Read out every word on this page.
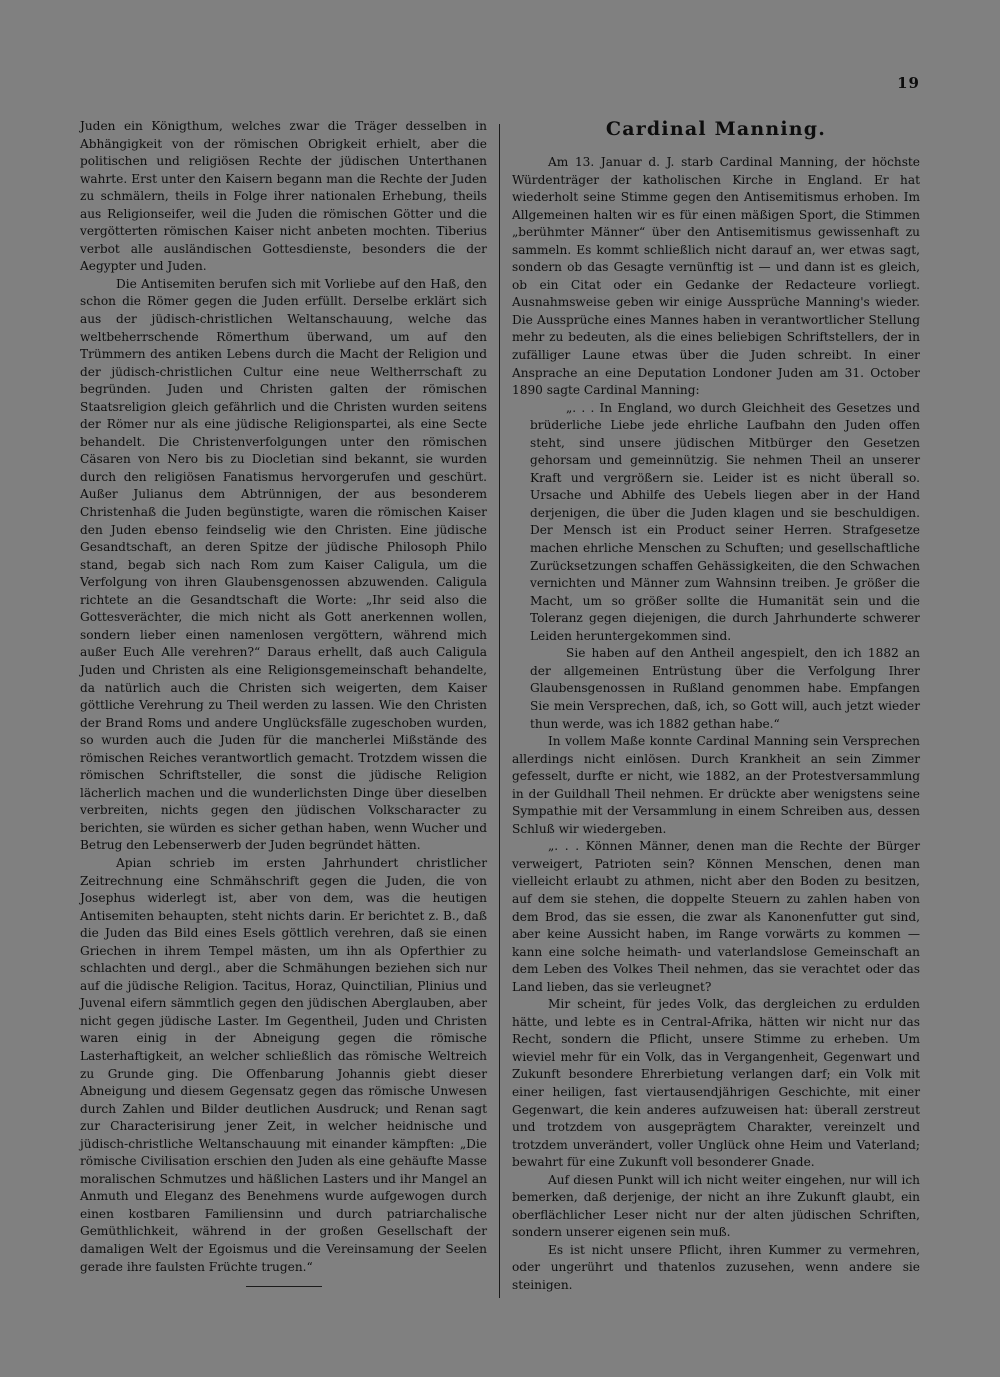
19

Juden ein Königthum, welches zwar die Träger desselben in Abhängigkeit von der römischen Obrigkeit erhielt, aber die politischen und religiösen Rechte der jüdischen Unterthanen wahrte. Erst unter den Kaisern begann man die Rechte der Juden zu schmälern, theils in Folge ihrer nationalen Erhebung, theils aus Religionseifer, weil die Juden die römischen Götter und die vergötterten römischen Kaiser nicht anbeten mochten. Tiberius verbot alle ausländischen Gottesdienste, besonders die der Aegypter und Juden.

Die Antisemiten berufen sich mit Vorliebe auf den Haß, den schon die Römer gegen die Juden erfüllt. Derselbe erklärt sich aus der jüdisch-christlichen Weltanschauung, welche das weltbeherrschende Römerthum überwand, um auf den Trümmern des antiken Lebens durch die Macht der Religion und der jüdisch-christlichen Cultur eine neue Weltherrschaft zu begründen. Juden und Christen galten der römischen Staatsreligion gleich gefährlich und die Christen wurden seitens der Römer nur als eine jüdische Religionspartei, als eine Secte behandelt. Die Christenverfolgungen unter den römischen Cäsaren von Nero bis zu Diocletian sind bekannt, sie wurden durch den religiösen Fanatismus hervorgerufen und geschürt. Außer Julianus dem Abtrünnigen, der aus besonderem Christenhaß die Juden begünstigte, waren die römischen Kaiser den Juden ebenso feindselig wie den Christen. Eine jüdische Gesandtschaft, an deren Spitze der jüdische Philosoph Philo stand, begab sich nach Rom zum Kaiser Caligula, um die Verfolgung von ihren Glaubensgenossen abzuwenden. Caligula richtete an die Gesandtschaft die Worte: „Ihr seid also die Gottesverächter, die mich nicht als Gott anerkennen wollen, sondern lieber einen namenlosen vergöttern, während mich außer Euch Alle verehren?“ Daraus erhellt, daß auch Caligula Juden und Christen als eine Religionsgemeinschaft behandelte, da natürlich auch die Christen sich weigerten, dem Kaiser göttliche Verehrung zu Theil werden zu lassen. Wie den Christen der Brand Roms und andere Unglücksfälle zugeschoben wurden, so wurden auch die Juden für die mancherlei Mißstände des römischen Reiches verantwortlich gemacht. Trotzdem wissen die römischen Schriftsteller, die sonst die jüdische Religion lächerlich machen und die wunderlichsten Dinge über dieselben verbreiten, nichts gegen den jüdischen Volkscharacter zu berichten, sie würden es sicher gethan haben, wenn Wucher und Betrug den Lebenserwerb der Juden begründet hätten.

Apian schrieb im ersten Jahrhundert christlicher Zeitrechnung eine Schmähschrift gegen die Juden, die von Josephus widerlegt ist, aber von dem, was die heutigen Antisemiten behaupten, steht nichts darin. Er berichtet z. B., daß die Juden das Bild eines Esels göttlich verehren, daß sie einen Griechen in ihrem Tempel mästen, um ihn als Opferthier zu schlachten und dergl., aber die Schmähungen beziehen sich nur auf die jüdische Religion. Tacitus, Horaz, Quinctilian, Plinius und Juvenal eifern sämmtlich gegen den jüdischen Aberglauben, aber nicht gegen jüdische Laster. Im Gegentheil, Juden und Christen waren einig in der Abneigung gegen die römische Lasterhaftigkeit, an welcher schließlich das römische Weltreich zu Grunde ging. Die Offenbarung Johannis giebt dieser Abneigung und diesem Gegensatz gegen das römische Unwesen durch Zahlen und Bilder deutlichen Ausdruck; und Renan sagt zur Characterisirung jener Zeit, in welcher heidnische und jüdisch-christliche Weltanschauung mit einander kämpften: „Die römische Civilisation erschien den Juden als eine gehäufte Masse moralischen Schmutzes und häßlichen Lasters und ihr Mangel an Anmuth und Eleganz des Benehmens wurde aufgewogen durch einen kostbaren Familiensinn und durch patriarchalische Gemüthlichkeit, während in der großen Gesellschaft der damaligen Welt der Egoismus und die Vereinsamung der Seelen gerade ihre faulsten Früchte trugen.“

Cardinal Manning.

Am 13. Januar d. J. starb Cardinal Manning, der höchste Würdenträger der katholischen Kirche in England. Er hat wiederholt seine Stimme gegen den Antisemitismus erhoben. Im Allgemeinen halten wir es für einen mäßigen Sport, die Stimmen „berühmter Männer“ über den Antisemitismus gewissenhaft zu sammeln. Es kommt schließlich nicht darauf an, wer etwas sagt, sondern ob das Gesagte vernünftig ist — und dann ist es gleich, ob ein Citat oder ein Gedanke der Redacteure vorliegt. Ausnahmsweise geben wir einige Aussprüche Manning's wieder. Die Aussprüche eines Mannes haben in verantwortlicher Stellung mehr zu bedeuten, als die eines beliebigen Schriftstellers, der in zufälliger Laune etwas über die Juden schreibt. In einer Ansprache an eine Deputation Londoner Juden am 31. October 1890 sagte Cardinal Manning:

„. . . In England, wo durch Gleichheit des Gesetzes und brüderliche Liebe jede ehrliche Laufbahn den Juden offen steht, sind unsere jüdischen Mitbürger den Gesetzen gehorsam und gemeinnützig. Sie nehmen Theil an unserer Kraft und vergrößern sie. Leider ist es nicht überall so. Ursache und Abhilfe des Uebels liegen aber in der Hand derjenigen, die über die Juden klagen und sie beschuldigen. Der Mensch ist ein Product seiner Herren. Strafgesetze machen ehrliche Menschen zu Schuften; und gesellschaftliche Zurücksetzungen schaffen Gehässigkeiten, die den Schwachen vernichten und Männer zum Wahnsinn treiben. Je größer die Macht, um so größer sollte die Humanität sein und die Toleranz gegen diejenigen, die durch Jahrhunderte schwerer Leiden heruntergekommen sind.

Sie haben auf den Antheil angespielt, den ich 1882 an der allgemeinen Entrüstung über die Verfolgung Ihrer Glaubensgenossen in Rußland genommen habe. Empfangen Sie mein Versprechen, daß, ich, so Gott will, auch jetzt wieder thun werde, was ich 1882 gethan habe.“

In vollem Maße konnte Cardinal Manning sein Versprechen allerdings nicht einlösen. Durch Krankheit an sein Zimmer gefesselt, durfte er nicht, wie 1882, an der Protestversammlung in der Guildhall Theil nehmen. Er drückte aber wenigstens seine Sympathie mit der Versammlung in einem Schreiben aus, dessen Schluß wir wiedergeben.

„. . . Können Männer, denen man die Rechte der Bürger verweigert, Patrioten sein? Können Menschen, denen man vielleicht erlaubt zu athmen, nicht aber den Boden zu besitzen, auf dem sie stehen, die doppelte Steuern zu zahlen haben von dem Brod, das sie essen, die zwar als Kanonenfutter gut sind, aber keine Aussicht haben, im Range vorwärts zu kommen — kann eine solche heimath- und vaterlandslose Gemeinschaft an dem Leben des Volkes Theil nehmen, das sie verachtet oder das Land lieben, das sie verleugnet?

Mir scheint, für jedes Volk, das dergleichen zu erdulden hätte, und lebte es in Central-Afrika, hätten wir nicht nur das Recht, sondern die Pflicht, unsere Stimme zu erheben. Um wieviel mehr für ein Volk, das in Vergangenheit, Gegenwart und Zukunft besondere Ehrerbietung verlangen darf; ein Volk mit einer heiligen, fast viertausendjährigen Geschichte, mit einer Gegenwart, die kein anderes aufzuweisen hat: überall zerstreut und trotzdem von ausgeprägtem Charakter, vereinzelt und trotzdem unverändert, voller Unglück ohne Heim und Vaterland; bewahrt für eine Zukunft voll besonderer Gnade.

Auf diesen Punkt will ich nicht weiter eingehen, nur will ich bemerken, daß derjenige, der nicht an ihre Zukunft glaubt, ein oberflächlicher Leser nicht nur der alten jüdischen Schriften, sondern unserer eigenen sein muß.

Es ist nicht unsere Pflicht, ihren Kummer zu vermehren, oder ungerührt und thatenlos zuzusehen, wenn andere sie steinigen.
